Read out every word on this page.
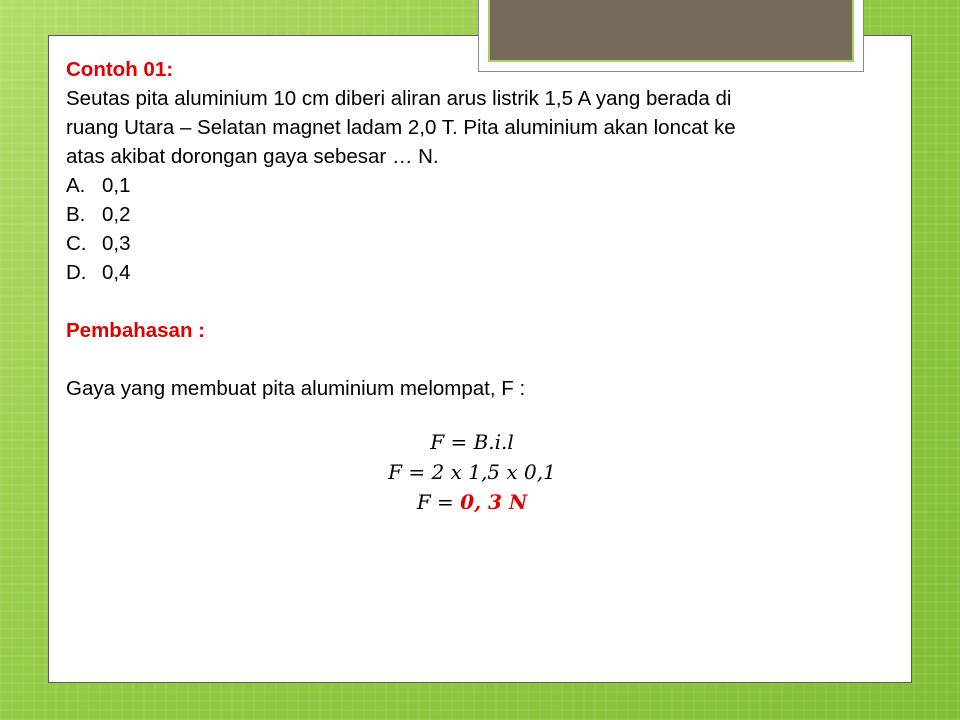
Contoh 01:
Seutas pita aluminium 10 cm diberi aliran arus listrik 1,5 A yang berada di
ruang Utara – Selatan magnet ladam 2,0 T. Pita aluminium akan loncat ke
atas akibat dorongan gaya sebesar … N.
A. 0,1
B. 0,2
C. 0,3
D. 0,4
Pembahasan :
Gaya yang membuat pita aluminium melompat, F :
F = B.i.l
F = 2 x 1,5 x 0,1
F = 0, 3 N
